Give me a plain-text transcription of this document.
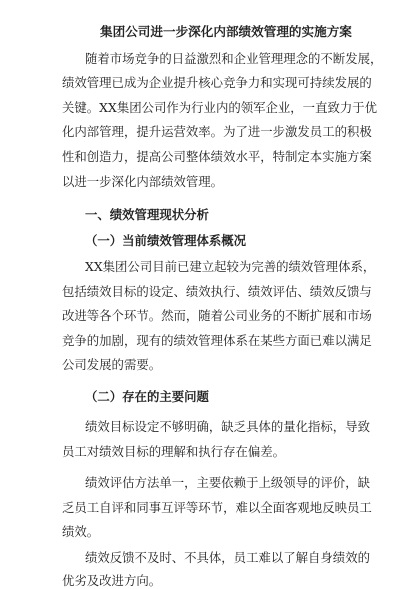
集团公司进一步深化内部绩效管理的实施方案
随着市场竞争的日益激烈和企业管理理念的不断发展，
绩效管理已成为企业提升核心竞争力和实现可持续发展的
关键。XX集团公司作为行业内的领军企业，一直致力于优
化内部管理，提升运营效率。为了进一步激发员工的积极
性和创造力，提高公司整体绩效水平，特制定本实施方案
以进一步深化内部绩效管理。
一、绩效管理现状分析
（一）当前绩效管理体系概况
XX集团公司目前已建立起较为完善的绩效管理体系，
包括绩效目标的设定、绩效执行、绩效评估、绩效反馈与
改进等各个环节。然而，随着公司业务的不断扩展和市场
竞争的加剧，现有的绩效管理体系在某些方面已难以满足
公司发展的需要。
（二）存在的主要问题
绩效目标设定不够明确，缺乏具体的量化指标，导致
员工对绩效目标的理解和执行存在偏差。
绩效评估方法单一，主要依赖于上级领导的评价，缺
乏员工自评和同事互评等环节，难以全面客观地反映员工
绩效。
绩效反馈不及时、不具体，员工难以了解自身绩效的
优劣及改进方向。
